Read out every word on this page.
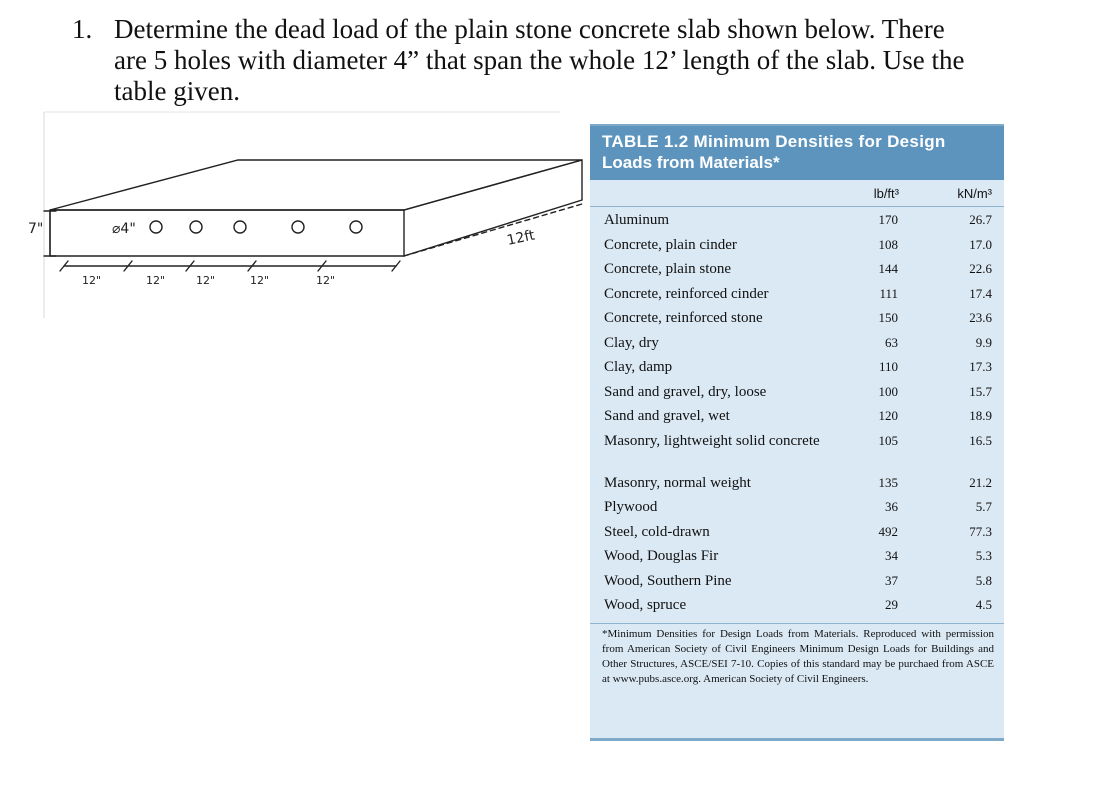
1. Determine the dead load of the plain stone concrete slab shown below. There
are 5 holes with diameter 4” that span the whole 12’ length of the slab. Use the
table given.
7"	⌀4"	12ft
12"	12"	12"	12"	12"
TABLE 1.2 Minimum Densities for Design
Loads from Materials*
lb/ft³	kN/m³
Aluminum	170	26.7
Concrete, plain cinder	108	17.0
Concrete, plain stone	144	22.6
Concrete, reinforced cinder	111	17.4
Concrete, reinforced stone	150	23.6
Clay, dry	63	9.9
Clay, damp	110	17.3
Sand and gravel, dry, loose	100	15.7
Sand and gravel, wet	120	18.9
Masonry, lightweight solid concrete	105	16.5
Masonry, normal weight	135	21.2
Plywood	36	5.7
Steel, cold-drawn	492	77.3
Wood, Douglas Fir	34	5.3
Wood, Southern Pine	37	5.8
Wood, spruce	29	4.5
*Minimum Densities for Design Loads from Materials. Reproduced with permission from American Society of Civil Engineers Minimum Design Loads for Buildings and Other Structures, ASCE/SEI 7-10. Copies of this standard may be purchaed from ASCE at www.pubs.asce.org. American Society of Civil Engineers.
